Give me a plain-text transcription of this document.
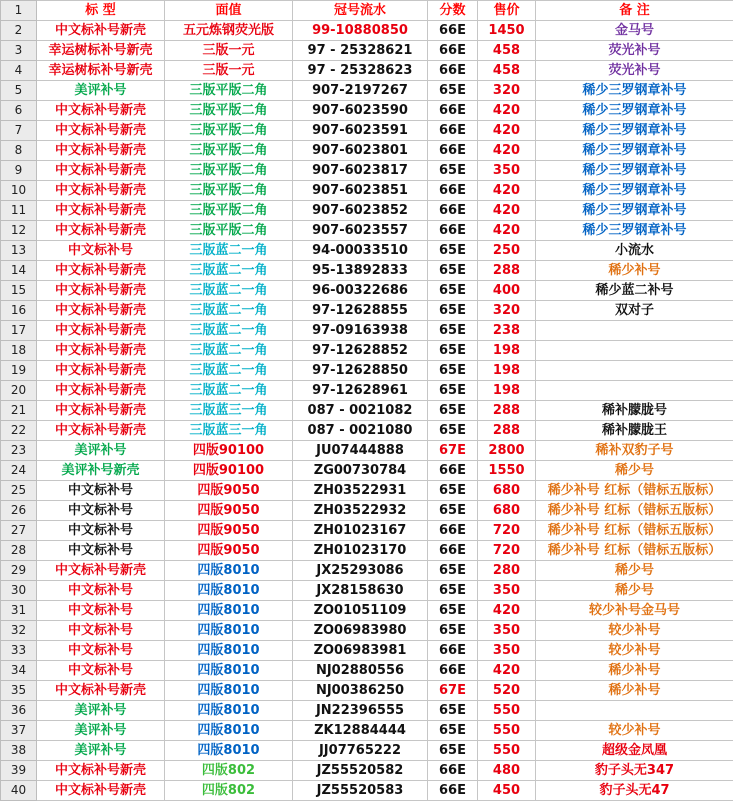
1	标 型	面值	冠号流水	分数	售价	备 注
2	中文标补号新壳	五元炼钢荧光版	99-10880850	66E	1450	金马号
3	幸运树标补号新壳	三版一元	97 - 25328621	66E	458	荧光补号
4	幸运树标补号新壳	三版一元	97 - 25328623	66E	458	荧光补号
5	美评补号	三版平版二角	907-2197267	65E	320	稀少三罗钢章补号
6	中文标补号新壳	三版平版二角	907-6023590	66E	420	稀少三罗钢章补号
7	中文标补号新壳	三版平版二角	907-6023591	66E	420	稀少三罗钢章补号
8	中文标补号新壳	三版平版二角	907-6023801	66E	420	稀少三罗钢章补号
9	中文标补号新壳	三版平版二角	907-6023817	65E	350	稀少三罗钢章补号
10	中文标补号新壳	三版平版二角	907-6023851	66E	420	稀少三罗钢章补号
11	中文标补号新壳	三版平版二角	907-6023852	66E	420	稀少三罗钢章补号
12	中文标补号新壳	三版平版二角	907-6023557	66E	420	稀少三罗钢章补号
13	中文标补号	三版蓝二一角	94-00033510	65E	250	小流水
14	中文标补号新壳	三版蓝二一角	95-13892833	65E	288	稀少补号
15	中文标补号新壳	三版蓝二一角	96-00322686	65E	400	稀少蓝二补号
16	中文标补号新壳	三版蓝二一角	97-12628855	65E	320	双对子
17	中文标补号新壳	三版蓝二一角	97-09163938	65E	238	
18	中文标补号新壳	三版蓝二一角	97-12628852	65E	198	
19	中文标补号新壳	三版蓝二一角	97-12628850	65E	198	
20	中文标补号新壳	三版蓝二一角	97-12628961	65E	198	
21	中文标补号新壳	三版蓝三一角	087 - 0021082	65E	288	稀补朦胧号
22	中文标补号新壳	三版蓝三一角	087 - 0021080	65E	288	稀补朦胧王
23	美评补号	四版90100	JU07444888	67E	2800	稀补双豹子号
24	美评补号新壳	四版90100	ZG00730784	66E	1550	稀少号
25	中文标补号	四版9050	ZH03522931	65E	680	稀少补号 红标（错标五版标）
26	中文标补号	四版9050	ZH03522932	65E	680	稀少补号 红标（错标五版标）
27	中文标补号	四版9050	ZH01023167	66E	720	稀少补号 红标（错标五版标）
28	中文标补号	四版9050	ZH01023170	66E	720	稀少补号 红标（错标五版标）
29	中文标补号新壳	四版8010	JX25293086	65E	280	稀少号
30	中文标补号	四版8010	JX28158630	65E	350	稀少号
31	中文标补号	四版8010	ZO01051109	65E	420	较少补号金马号
32	中文标补号	四版8010	ZO06983980	65E	350	较少补号
33	中文标补号	四版8010	ZO06983981	66E	350	较少补号
34	中文标补号	四版8010	NJ02880556	66E	420	稀少补号
35	中文标补号新壳	四版8010	NJ00386250	67E	520	稀少补号
36	美评补号	四版8010	JN22396555	65E	550	
37	美评补号	四版8010	ZK12884444	65E	550	较少补号
38	美评补号	四版8010	JJ07765222	65E	550	超级金凤凰
39	中文标补号新壳	四版802	JZ55520582	66E	480	豹子头无347
40	中文标补号新壳	四版802	JZ55520583	66E	450	豹子头无47
